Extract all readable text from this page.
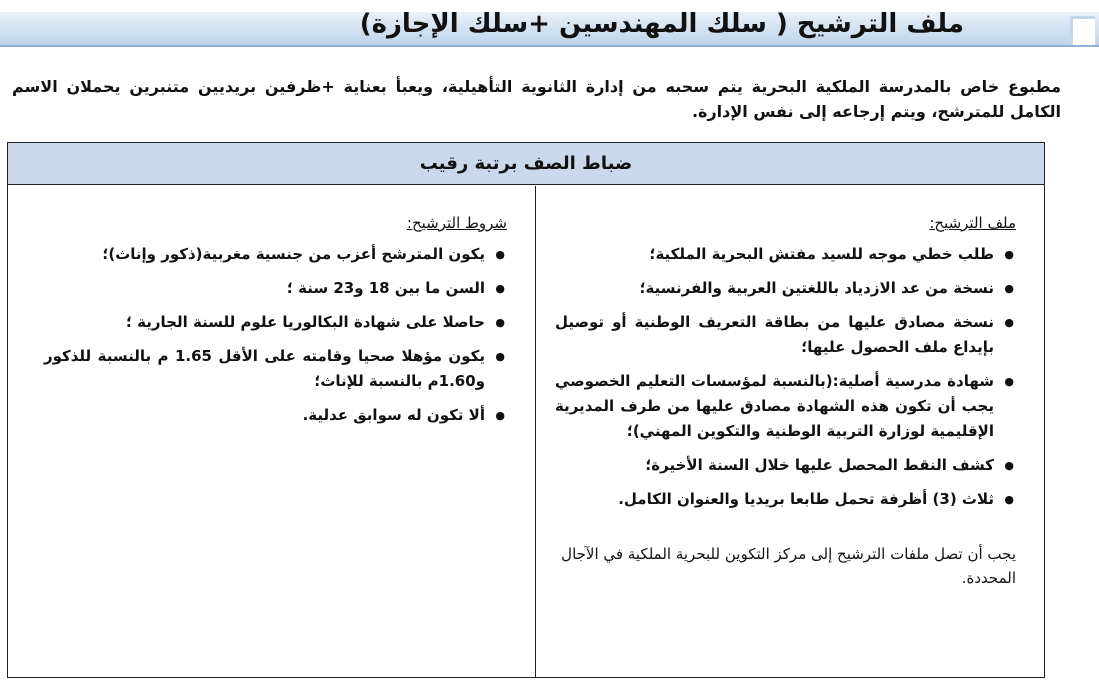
ملف الترشيح ( سلك المهندسين +سلك الإجازة)
مطبوع خاص بالمدرسة الملكية البحرية يتم سحبه من إدارة الثانوية التأهيلية، ويعبأ بعناية +ظرفين بريديين متنبرين يحملان الاسم الكامل للمترشح، ويتم إرجاعه إلى نفس الإدارة.
ضباط الصف برتبة رقيب
ملف الترشيح:
● طلب خطي موجه للسيد مفتش البحرية الملكية؛
● نسخة من عد الازدياد باللغتين العربية والفرنسية؛
● نسخة مصادق عليها من بطاقة التعريف الوطنية أو توصيل بإيداع ملف الحصول عليها؛
● شهادة مدرسية أصلية:(بالنسبة لمؤسسات التعليم الخصوصي يجب أن تكون هذه الشهادة مصادق عليها من طرف المديرية الإقليمية لوزارة التربية الوطنية والتكوين المهني)؛
● كشف النقط المحصل عليها خلال السنة الأخيرة؛
● ثلاث (3) أظرفة تحمل طابعا بريديا والعنوان الكامل.
يجب أن تصل ملفات الترشيح إلى مركز التكوين للبحرية الملكية في الآجال المحددة.
شروط الترشيح:
● يكون المترشح أعزب من جنسية مغربية(ذكور وإناث)؛
● السن ما بين 18 و23 سنة ؛
● حاصلا على شهادة البكالوريا علوم للسنة الجارية ؛
● يكون مؤهلا صحيا وقامته على الأقل 1.65 م بالنسبة للذكور و1.60م بالنسبة للإناث؛
● ألا تكون له سوابق عدلية.
